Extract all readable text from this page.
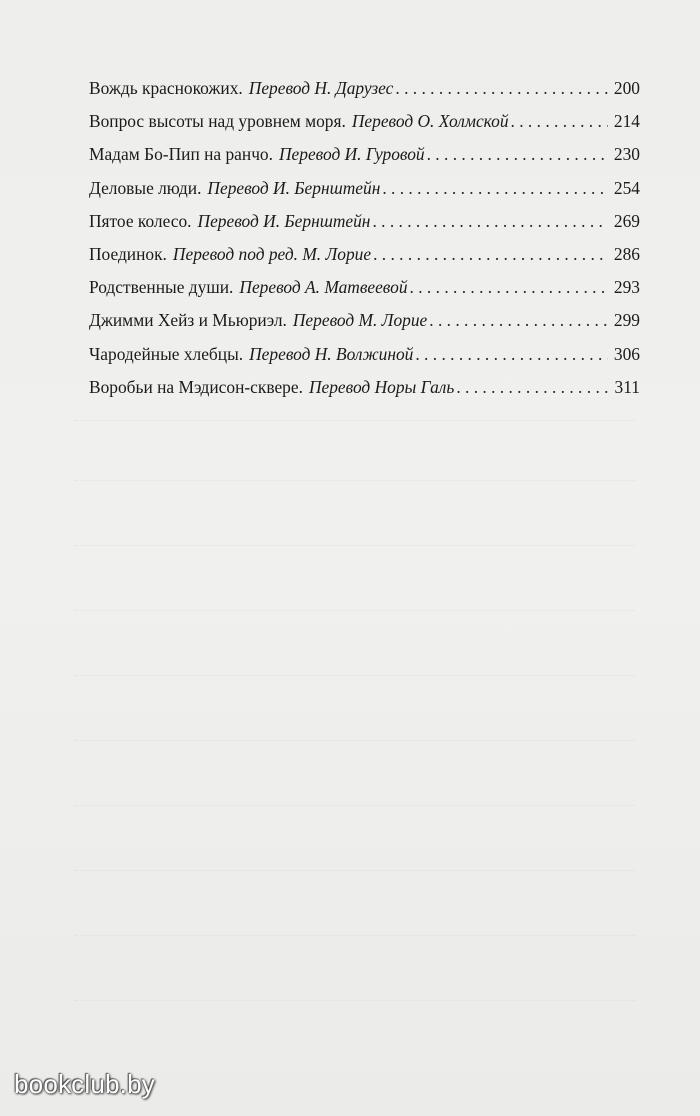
Вождь краснокожих. Перевод Н. Дарузес . . .	200
Вопрос высоты над уровнем моря. Перевод О. Холмской . . .	214
Мадам Бо-Пип на ранчо. Перевод И. Гуровой . . .	230
Деловые люди. Перевод И. Бернштейн . . .	254
Пятое колесо. Перевод И. Бернштейн . . .	269
Поединок. Перевод под ред. М. Лорие . . .	286
Родственные души. Перевод А. Матвеевой . . .	293
Джимми Хейз и Мьюриэл. Перевод М. Лорие . . .	299
Чародейные хлебцы. Перевод Н. Волжиной . . .	306
Воробьи на Мэдисон-сквере. Перевод Норы Галь . . .	311
bookclub.by
